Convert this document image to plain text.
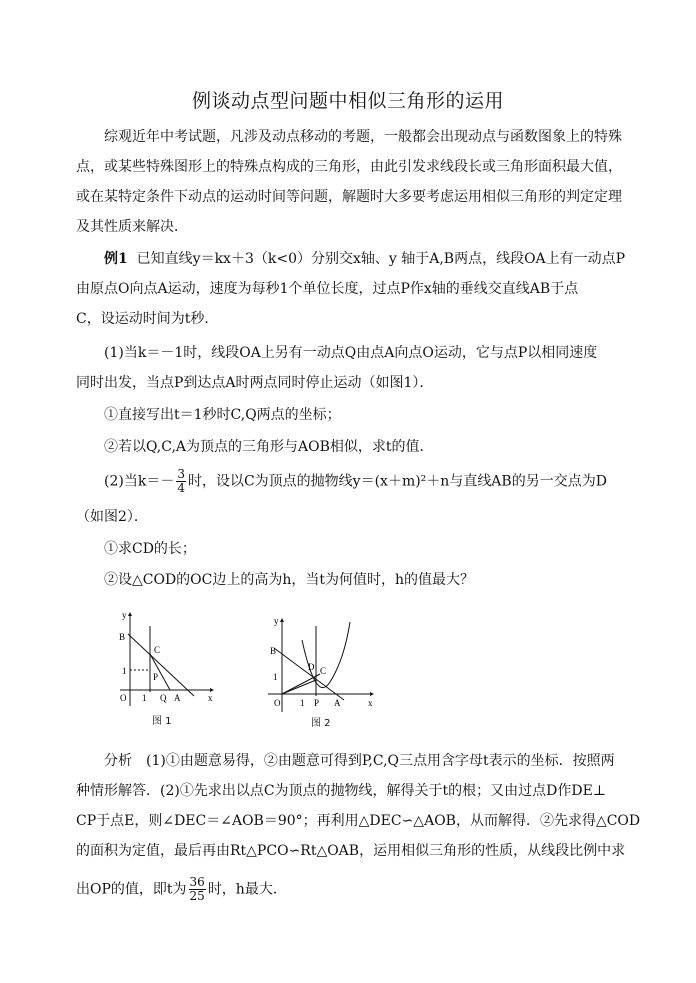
例谈动点型问题中相似三角形的运用
综观近年中考试题，凡涉及动点移动的考题，一般都会出现动点与函数图象上的特殊
点，或某些特殊图形上的特殊点构成的三角形，由此引发求线段长或三角形面积最大值，
或在某特定条件下动点的运动时间等问题，解题时大多要考虑运用相似三角形的判定定理
及其性质来解决．
例1 已知直线y＝kx＋3（k<0）分别交x轴、y 轴于A,B两点，线段OA上有一动点P
由原点O向点A运动，速度为每秒1个单位长度，过点P作x轴的垂线交直线AB于点
C，设运动时间为t秒．
(1)当k＝－1时，线段OA上另有一动点Q由点A向点O运动，它与点P以相同速度
同时出发，当点P到达点A时两点同时停止运动（如图1）．
①直接写出t＝1秒时C,Q两点的坐标；
②若以Q,C,A为顶点的三角形与AOB相似，求t的值．
(2)当$k=- \frac{3}{4}$ 时，设以C为顶点的抛物线y＝(x＋m)²＋n与直线AB的另一交点为D
（如图2）．
①求CD的长；
②设△COD的OC边上的高为h，当t为何值时，h的值最大？
y
B
C
1
P
O 1 Q A	x
图 1
y
B
D C
1
O 1 P A	x
图 2
分析　(1)①由题意易得，②由题意可得到P,C,Q三点用含字母t表示的坐标．按照两
种情形解答．(2)①先求出以点C为顶点的抛物线，解得关于t的根；又由过点D作DE⊥
CP于点E，则∠DEC＝∠AOB＝90°；再利用△DEC∽△AOB，从而解得．②先求得△COD
的面积为定值，最后再由Rt△PCO∽Rt△OAB，运用相似三角形的性质，从线段比例中求
出OP的值，即t为 $\frac{36}{25}$ 时，h最大．
